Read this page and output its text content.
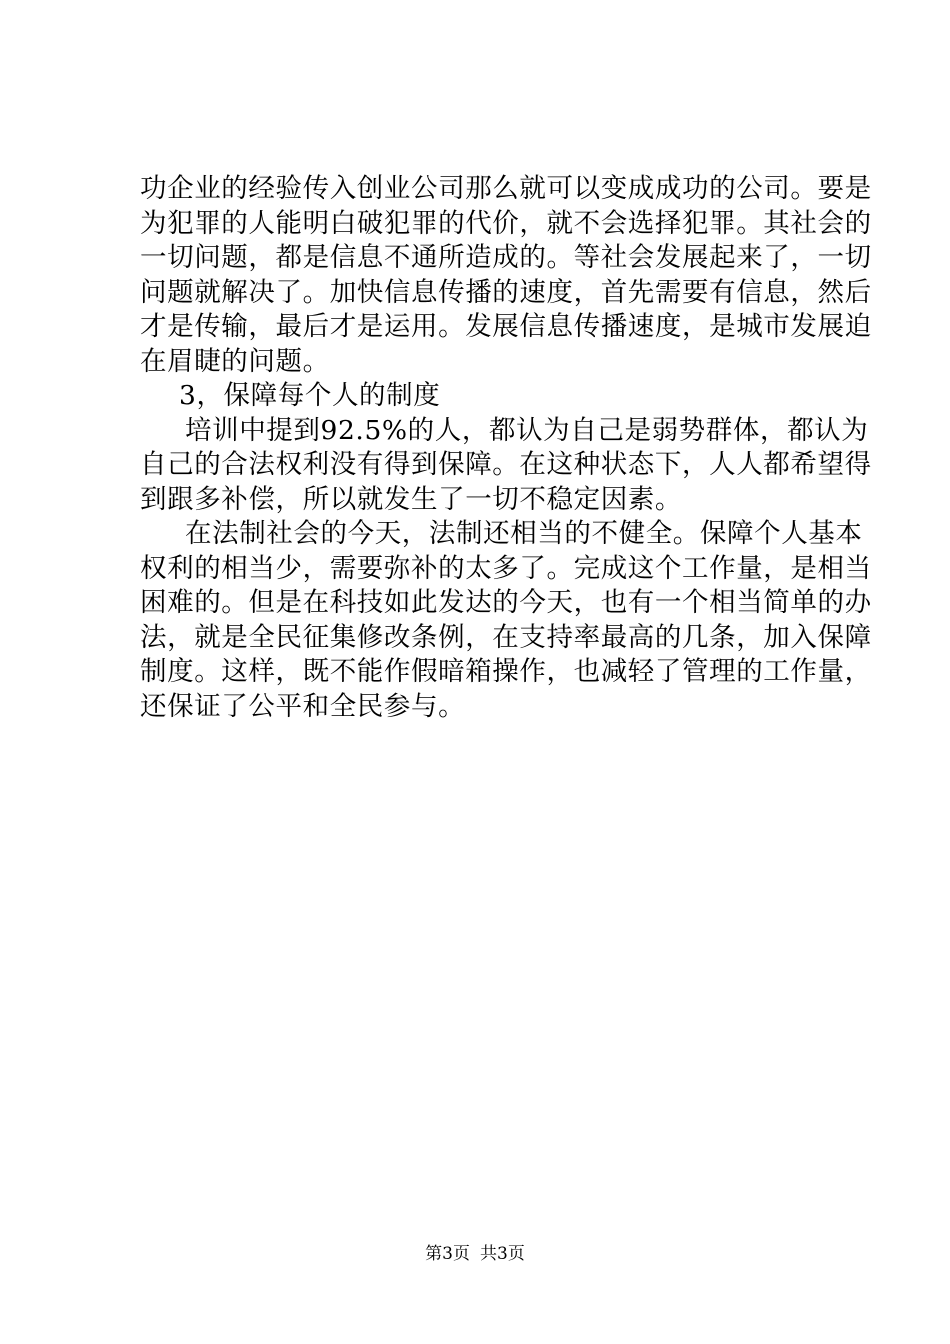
功企业的经验传入创业公司那么就可以变成成功的公司。要是
为犯罪的人能明白破犯罪的代价，就不会选择犯罪。其社会的
一切问题，都是信息不通所造成的。等社会发展起来了，一切
问题就解决了。加快信息传播的速度，首先需要有信息，然后
才是传输，最后才是运用。发展信息传播速度，是城市发展迫
在眉睫的问题。
3，保障每个人的制度
培训中提到92.5%的人，都认为自己是弱势群体，都认为
自己的合法权利没有得到保障。在这种状态下，人人都希望得
到跟多补偿，所以就发生了一切不稳定因素。
在法制社会的今天，法制还相当的不健全。保障个人基本
权利的相当少，需要弥补的太多了。完成这个工作量，是相当
困难的。但是在科技如此发达的今天，也有一个相当简单的办
法，就是全民征集修改条例，在支持率最高的几条，加入保障
制度。这样，既不能作假暗箱操作，也减轻了管理的工作量，
还保证了公平和全民参与。
第3页 共3页
